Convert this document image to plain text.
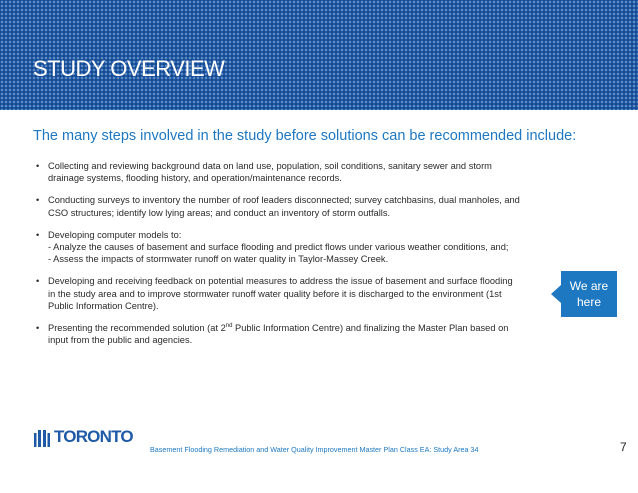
STUDY OVERVIEW
The many steps involved in the study before solutions can be recommended include:
• Collecting and reviewing background data on land use, population, soil conditions, sanitary sewer and storm
drainage systems, flooding history, and operation/maintenance records.
• Conducting surveys to inventory the number of roof leaders disconnected; survey catchbasins, dual manholes, and
CSO structures; identify low lying areas; and conduct an inventory of storm outfalls.
• Developing computer models to:
- Analyze the causes of basement and surface flooding and predict flows under various weather conditions, and;
- Assess the impacts of stormwater runoff on water quality in Taylor-Massey Creek.
• Developing and receiving feedback on potential measures to address the issue of basement and surface flooding
in the study area and to improve stormwater runoff water quality before it is discharged to the environment (1st
Public Information Centre).
• Presenting the recommended solution (at 2nd Public Information Centre) and finalizing the Master Plan based on
input from the public and agencies.
We are
here
TORONTO
Basement Flooding Remediation and Water Quality Improvement Master Plan Class EA: Study Area 34	7
